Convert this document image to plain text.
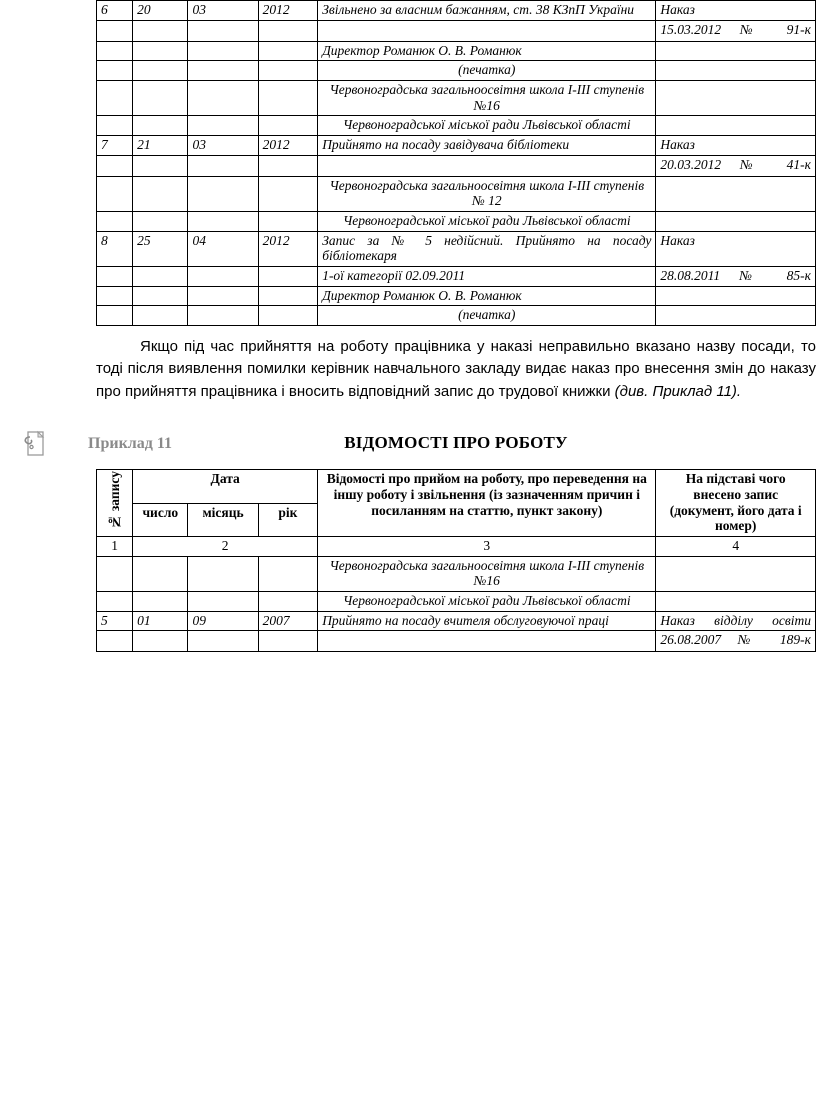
6	20	03	2012	Звільнено за власним бажанням, ст. 38 КЗпП України	Наказ
					15.03.2012 № 91-к
				Директор Романюк О. В. Романюк	
				(печатка)	
				Червоноградська загальноосвітня школа I-III ступенів №16	
				Червоноградської міської ради Львівської області	
7	21	03	2012	Прийнято на посаду завідувача бібліотеки	Наказ
					20.03.2012 № 41-к
				Червоноградська загальноосвітня школа I-III ступенів № 12	
				Червоноградської міської ради Львівської області	
8	25	04	2012	Запис за № 5 недійсний. Прийнято на посаду бібліотекаря	Наказ
				1-ої категорії 02.09.2011	28.08.2011 № 85-к
				Директор Романюк О. В. Романюк	
				(печатка)	

Якщо під час прийняття на роботу працівника у наказі неправильно вказано назву посади, то тоді після виявлення помилки керівник навчального закладу видає наказ про внесення змін до наказу про прийняття працівника і вносить відповідний запис до трудової книжки (див. Приклад 11).

Приклад 11	ВІДОМОСТІ ПРО РОБОТУ
№ запису	Дата			Відомості про прийом на роботу, про переведення на іншу роботу і звільнення (із зазначенням причин і посиланням на статтю, пункт закону)	На підставі чого внесено запис (документ, його дата і номер)
	число	місяць	рік		
1	2			3	4
				Червоноградська загальноосвітня школа I-III ступенів №16	
				Червоноградської міської ради Львівської області	
5	01	09	2007	Прийнято на посаду вчителя обслуговуючої праці	Наказ відділу освіти
					26.08.2007 № 189-к
